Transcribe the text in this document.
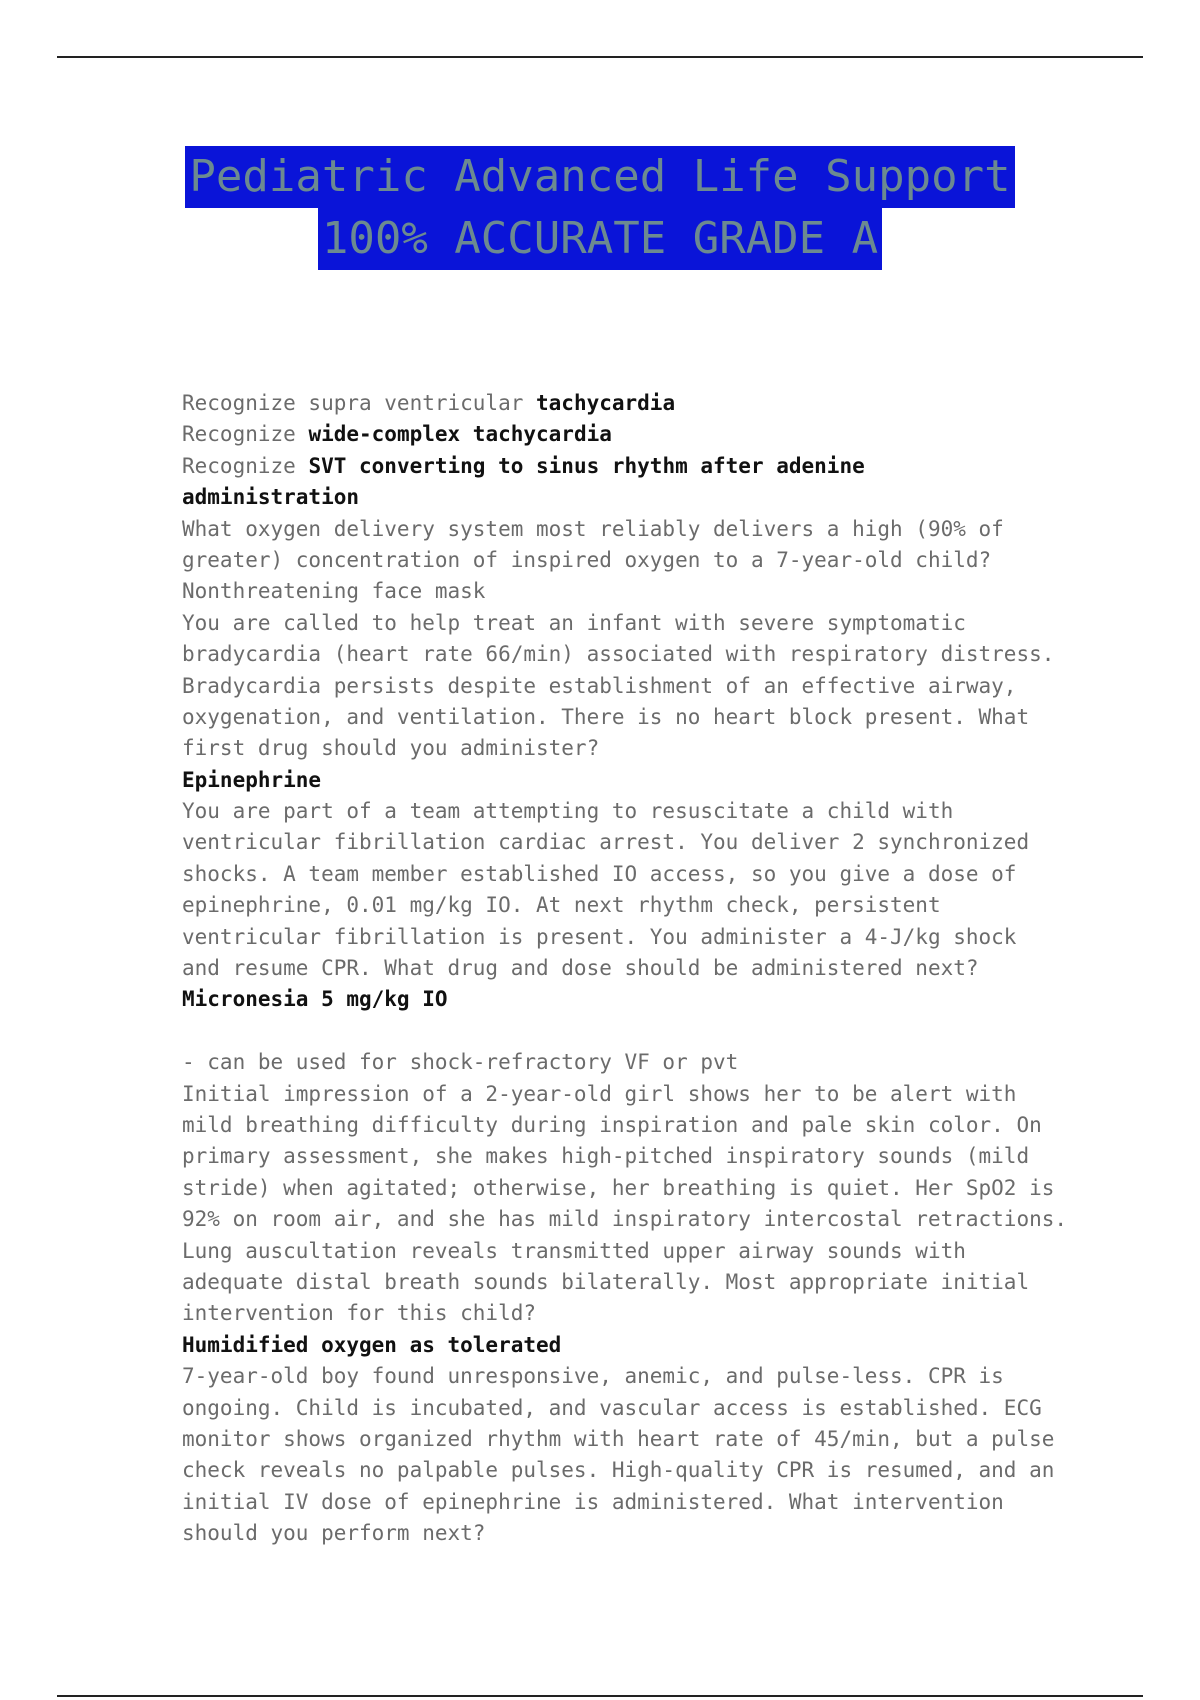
Pediatric Advanced Life Support
100% ACCURATE GRADE A
Recognize supra ventricular tachycardia
Recognize wide-complex tachycardia
Recognize SVT converting to sinus rhythm after adenine
administration
What oxygen delivery system most reliably delivers a high (90% of
greater) concentration of inspired oxygen to a 7-year-old child?
Nonthreatening face mask
You are called to help treat an infant with severe symptomatic
bradycardia (heart rate 66/min) associated with respiratory distress.
Bradycardia persists despite establishment of an effective airway,
oxygenation, and ventilation. There is no heart block present. What
first drug should you administer?
Epinephrine
You are part of a team attempting to resuscitate a child with
ventricular fibrillation cardiac arrest. You deliver 2 synchronized
shocks. A team member established IO access, so you give a dose of
epinephrine, 0.01 mg/kg IO. At next rhythm check, persistent
ventricular fibrillation is present. You administer a 4-J/kg shock
and resume CPR. What drug and dose should be administered next?
Micronesia 5 mg/kg IO
- can be used for shock-refractory VF or pvt
Initial impression of a 2-year-old girl shows her to be alert with
mild breathing difficulty during inspiration and pale skin color. On
primary assessment, she makes high-pitched inspiratory sounds (mild
stride) when agitated; otherwise, her breathing is quiet. Her SpO2 is
92% on room air, and she has mild inspiratory intercostal retractions.
Lung auscultation reveals transmitted upper airway sounds with
adequate distal breath sounds bilaterally. Most appropriate initial
intervention for this child?
Humidified oxygen as tolerated
7-year-old boy found unresponsive, anemic, and pulse-less. CPR is
ongoing. Child is incubated, and vascular access is established. ECG
monitor shows organized rhythm with heart rate of 45/min, but a pulse
check reveals no palpable pulses. High-quality CPR is resumed, and an
initial IV dose of epinephrine is administered. What intervention
should you perform next?
